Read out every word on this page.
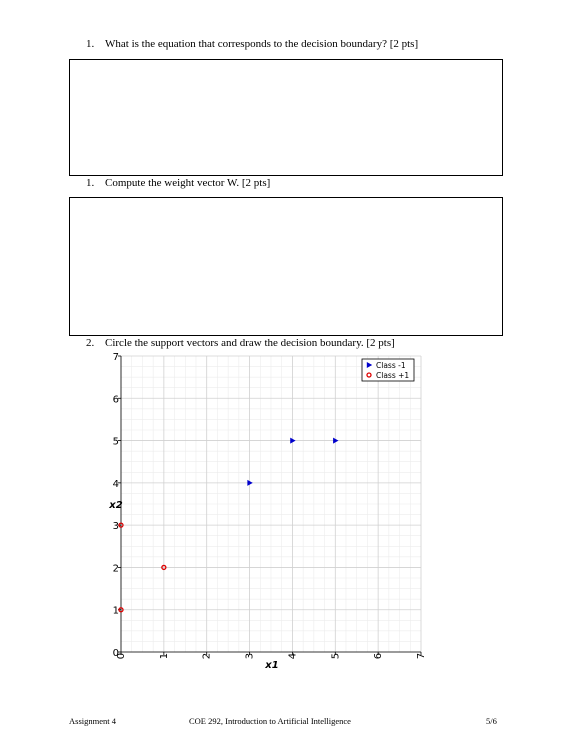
1. What is the equation that corresponds to the decision boundary? [2 pts]
1. Compute the weight vector W. [2 pts]
2. Circle the support vectors and draw the decision boundary. [2 pts]
0	1	2	3	4	5	6	7
0
1
2
3
4
5
6
7
x1
x2
Class -1
Class +1
Assignment 4	COE 292, Introduction to Artificial Intelligence	5/6
